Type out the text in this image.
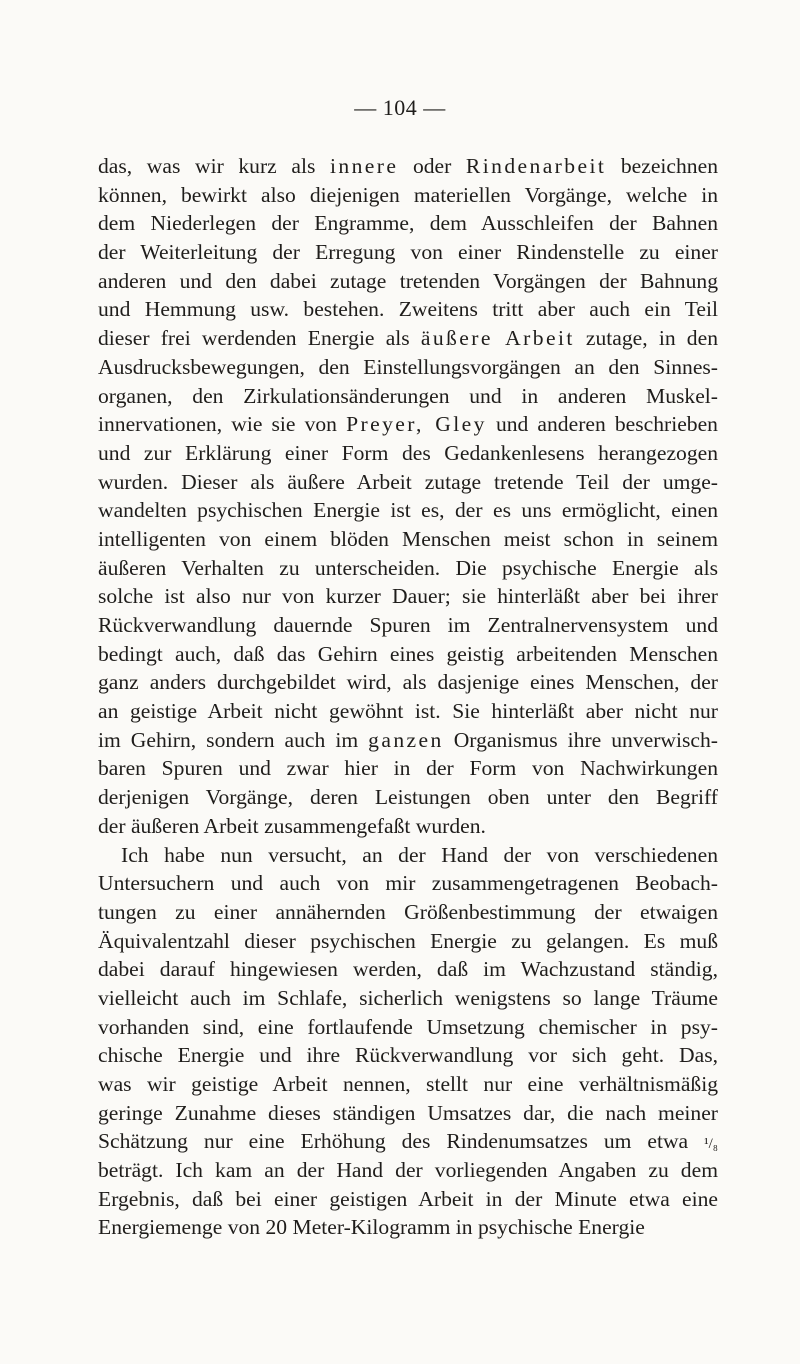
— 104 —
das, was wir kurz als innere oder Rindenarbeit bezeichnen
können, bewirkt also diejenigen materiellen Vorgänge, welche in
dem Niederlegen der Engramme, dem Ausschleifen der Bahnen
der Weiterleitung der Erregung von einer Rindenstelle zu einer
anderen und den dabei zutage tretenden Vorgängen der Bahnung
und Hemmung usw. bestehen. Zweitens tritt aber auch ein Teil
dieser frei werdenden Energie als äußere Arbeit zutage, in den
Ausdrucksbewegungen, den Einstellungsvorgängen an den Sinnes-
organen, den Zirkulationsänderungen und in anderen Muskel-
innervationen, wie sie von Preyer, Gley und anderen beschrieben
und zur Erklärung einer Form des Gedankenlesens herangezogen
wurden. Dieser als äußere Arbeit zutage tretende Teil der umge-
wandelten psychischen Energie ist es, der es uns ermöglicht, einen
intelligenten von einem blöden Menschen meist schon in seinem
äußeren Verhalten zu unterscheiden. Die psychische Energie als
solche ist also nur von kurzer Dauer; sie hinterläßt aber bei ihrer
Rückverwandlung dauernde Spuren im Zentralnervensystem und
bedingt auch, daß das Gehirn eines geistig arbeitenden Menschen
ganz anders durchgebildet wird, als dasjenige eines Menschen, der
an geistige Arbeit nicht gewöhnt ist. Sie hinterläßt aber nicht nur
im Gehirn, sondern auch im ganzen Organismus ihre unverwisch-
baren Spuren und zwar hier in der Form von Nachwirkungen
derjenigen Vorgänge, deren Leistungen oben unter den Begriff
der äußeren Arbeit zusammengefaßt wurden.
Ich habe nun versucht, an der Hand der von verschiedenen
Untersuchern und auch von mir zusammengetragenen Beobach-
tungen zu einer annähernden Größenbestimmung der etwaigen
Äquivalentzahl dieser psychischen Energie zu gelangen. Es muß
dabei darauf hingewiesen werden, daß im Wachzustand ständig,
vielleicht auch im Schlafe, sicherlich wenigstens so lange Träume
vorhanden sind, eine fortlaufende Umsetzung chemischer in psy-
chische Energie und ihre Rückverwandlung vor sich geht. Das,
was wir geistige Arbeit nennen, stellt nur eine verhältnismäßig
geringe Zunahme dieses ständigen Umsatzes dar, die nach meiner
Schätzung nur eine Erhöhung des Rindenumsatzes um etwa ¹/₈
beträgt. Ich kam an der Hand der vorliegenden Angaben zu dem
Ergebnis, daß bei einer geistigen Arbeit in der Minute etwa eine
Energiemenge von 20 Meter-Kilogramm in psychische Energie
